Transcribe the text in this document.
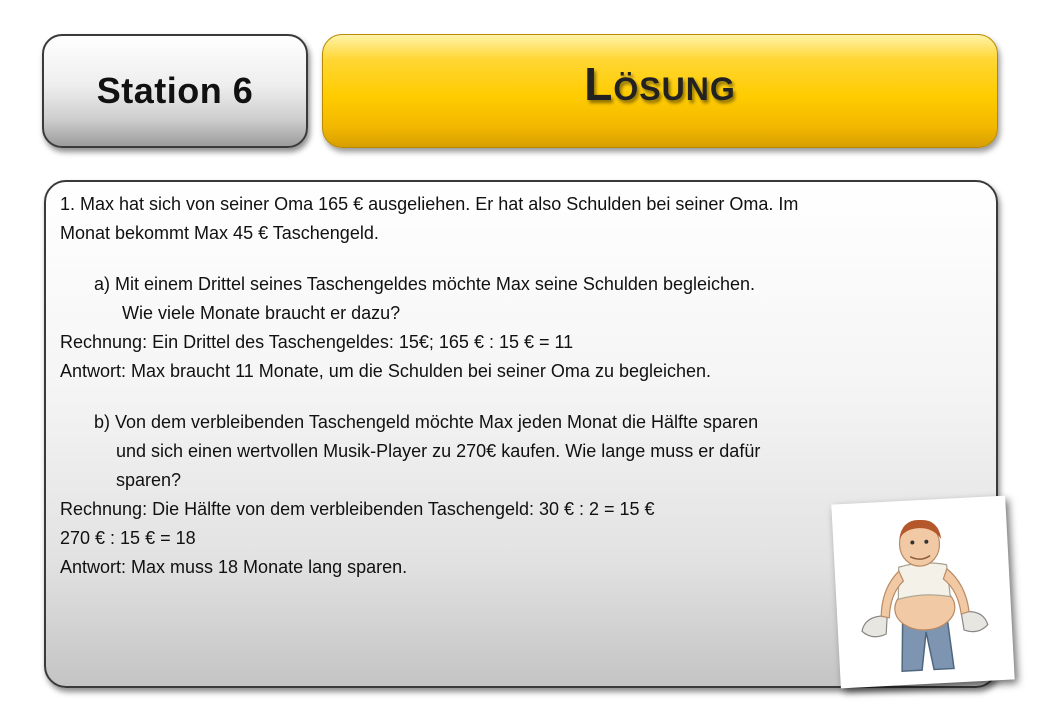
Station 6	Lösung
1. Max hat sich von seiner Oma 165 € ausgeliehen. Er hat also Schulden bei seiner Oma. Im
Monat bekommt Max 45 € Taschengeld.
a) Mit einem Drittel seines Taschengeldes möchte Max seine Schulden begleichen.
Wie viele Monate braucht er dazu?
Rechnung: Ein Drittel des Taschengeldes: 15€; 165 € : 15 € = 11
Antwort: Max braucht 11 Monate, um die Schulden bei seiner Oma zu begleichen.
b) Von dem verbleibenden Taschengeld möchte Max jeden Monat die Hälfte sparen
und sich einen wertvollen Musik-Player zu 270€ kaufen. Wie lange muss er dafür
sparen?
Rechnung: Die Hälfte von dem verbleibenden Taschengeld: 30 € : 2 = 15 €
270 € : 15 € = 18
Antwort: Max muss 18 Monate lang sparen.
